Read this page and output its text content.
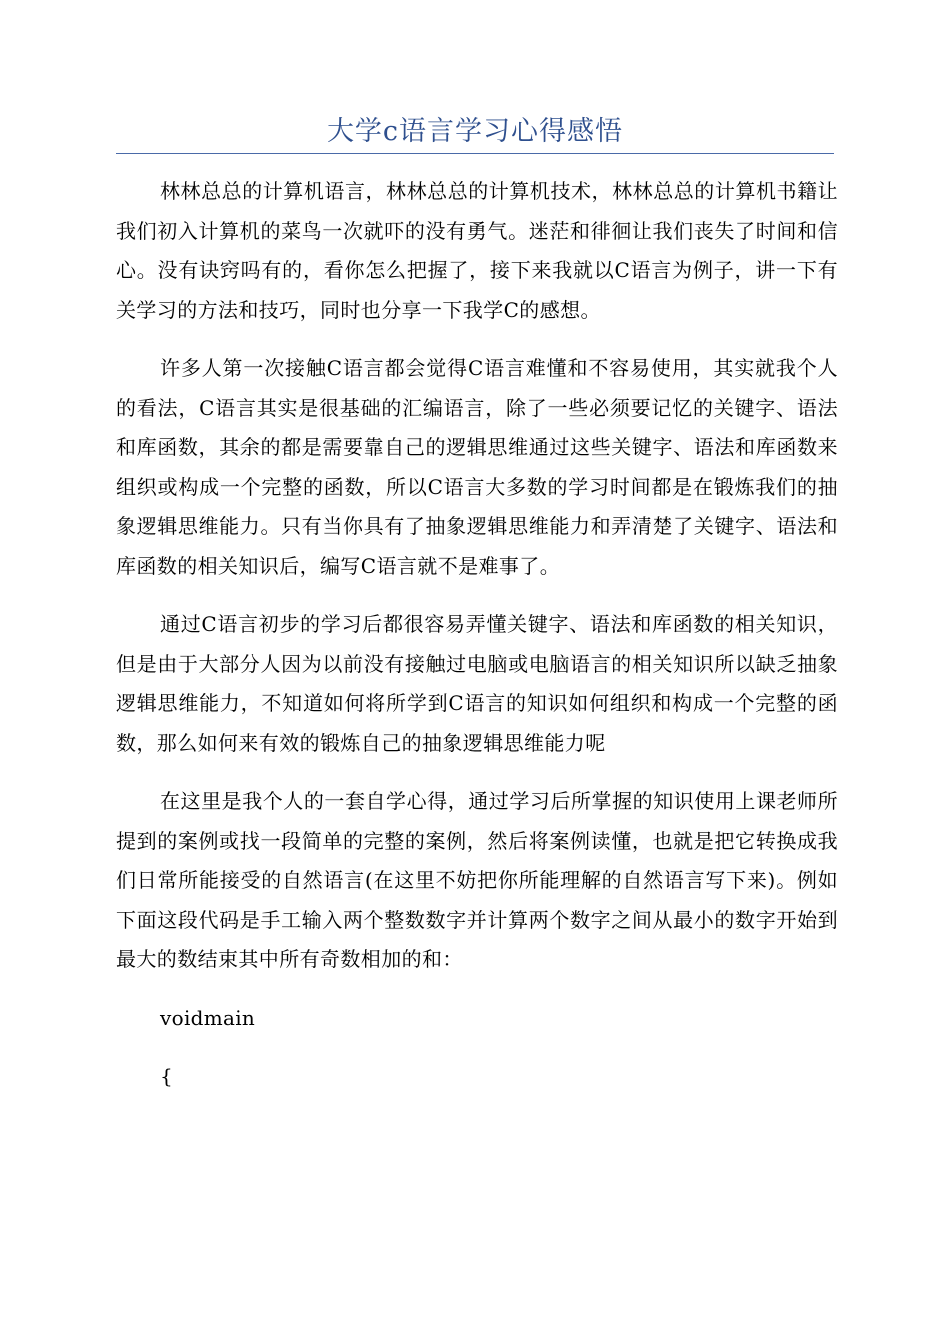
大学c语言学习心得感悟

林林总总的计算机语言，林林总总的计算机技术，林林总总的计算机书籍让我们初入计算机的菜鸟一次就吓的没有勇气。迷茫和徘徊让我们丧失了时间和信心。没有诀窍吗有的，看你怎么把握了，接下来我就以C语言为例子，讲一下有关学习的方法和技巧，同时也分享一下我学C的感想。

许多人第一次接触C语言都会觉得C语言难懂和不容易使用，其实就我个人的看法，C语言其实是很基础的汇编语言，除了一些必须要记忆的关键字、语法和库函数，其余的都是需要靠自己的逻辑思维通过这些关键字、语法和库函数来组织或构成一个完整的函数，所以C语言大多数的学习时间都是在锻炼我们的抽象逻辑思维能力。只有当你具有了抽象逻辑思维能力和弄清楚了关键字、语法和库函数的相关知识后，编写C语言就不是难事了。

通过C语言初步的学习后都很容易弄懂关键字、语法和库函数的相关知识，但是由于大部分人因为以前没有接触过电脑或电脑语言的相关知识所以缺乏抽象逻辑思维能力，不知道如何将所学到C语言的知识如何组织和构成一个完整的函数，那么如何来有效的锻炼自己的抽象逻辑思维能力呢

在这里是我个人的一套自学心得，通过学习后所掌握的知识使用上课老师所提到的案例或找一段简单的完整的案例，然后将案例读懂，也就是把它转换成我们日常所能接受的自然语言(在这里不妨把你所能理解的自然语言写下来)。例如下面这段代码是手工输入两个整数数字并计算两个数字之间从最小的数字开始到最大的数结束其中所有奇数相加的和：

voidmain

{
